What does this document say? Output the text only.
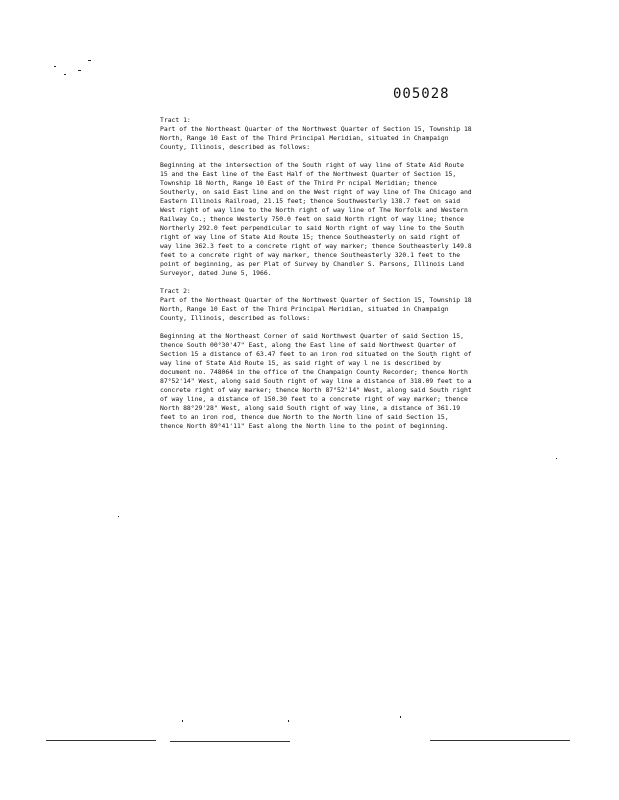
005028
Tract 1:
Part of the Northeast Quarter of the Northwest Quarter of Section 15, Township 18
North, Range 10 East of the Third Principal Meridian, situated in Champaign
County, Illinois, described as follows:
Beginning at the intersection of the South right of way line of State Aid Route
15 and the East line of the East Half of the Northwest Quarter of Section 15,
Township 18 North, Range 10 East of the Third Pr ncipal Meridian; thence
Southerly, on said East line and on the West right of way line of The Chicago and
Eastern Illinois Railroad, 21.15 feet; thence Southwesterly 138.7 feet on said
West right of way line to the North right of way line of The Norfolk and Western
Railway Co.; thence Westerly 750.0 feet on said North right of way line; thence
Northerly 292.0 feet perpendicular to said North right of way line to the South
right of way line of State Aid Route 15; thence Southeasterly on said right of
way line 362.3 feet to a concrete right of way marker; thence Southeasterly 149.8
feet to a concrete right of way marker, thence Southeasterly 320.1 feet to the
point of beginning, as per Plat of Survey by Chandler S. Parsons, Illinois Land
Surveyor, dated June 5, 1966.
Tract 2:
Part of the Northeast Quarter of the Northwest Quarter of Section 15, Township 18
North, Range 10 East of the Third Principal Meridian, situated in Champaign
County, Illinois, described as follows:
Beginning at the Northeast Corner of said Northwest Quarter of said Section 15,
thence South 00°30'47" East, along the East line of said Northwest Quarter of
Section 15 a distance of 63.47 feet to an iron rod situated on the South right of
way line of State Aid Route 15, as said right of way l ne is described by
document no. 748064 in the office of the Champaign County Recorder; thence North
87°52'14" West, along said South right of way line a distance of 318.09 feet to a
concrete right of way marker; thence North 87°52'14" West, along said South right
of way line, a distance of 150.30 feet to a concrete right of way marker; thence
North 88°29'28" West, along said South right of way line, a distance of 361.19
feet to an iron rod, thence due North to the North line of said Section 15,
thence North 89°41'11" East along the North line to the point of beginning.
